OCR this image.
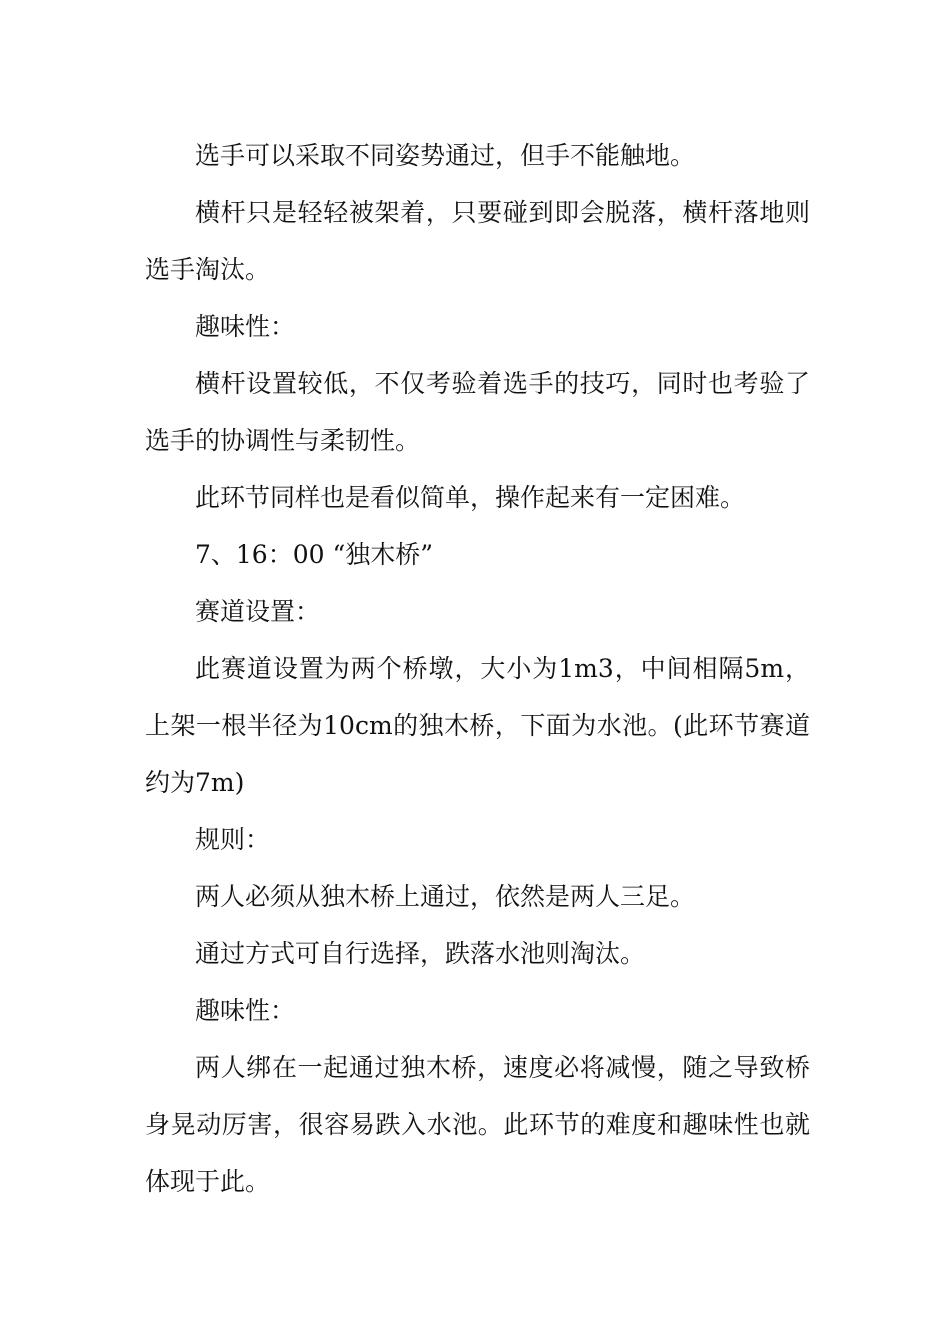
选手可以采取不同姿势通过，但手不能触地。

横杆只是轻轻被架着，只要碰到即会脱落，横杆落地则选手淘汰。

趣味性：

横杆设置较低，不仅考验着选手的技巧，同时也考验了选手的协调性与柔韧性。

此环节同样也是看似简单，操作起来有一定困难。

7、16：00 “独木桥”

赛道设置：

此赛道设置为两个桥墩，大小为1m3，中间相隔5m，上架一根半径为10cm的独木桥，下面为水池。(此环节赛道约为7m)

规则：

两人必须从独木桥上通过，依然是两人三足。

通过方式可自行选择，跌落水池则淘汰。

趣味性：

两人绑在一起通过独木桥，速度必将减慢，随之导致桥身晃动厉害，很容易跌入水池。此环节的难度和趣味性也就体现于此。
